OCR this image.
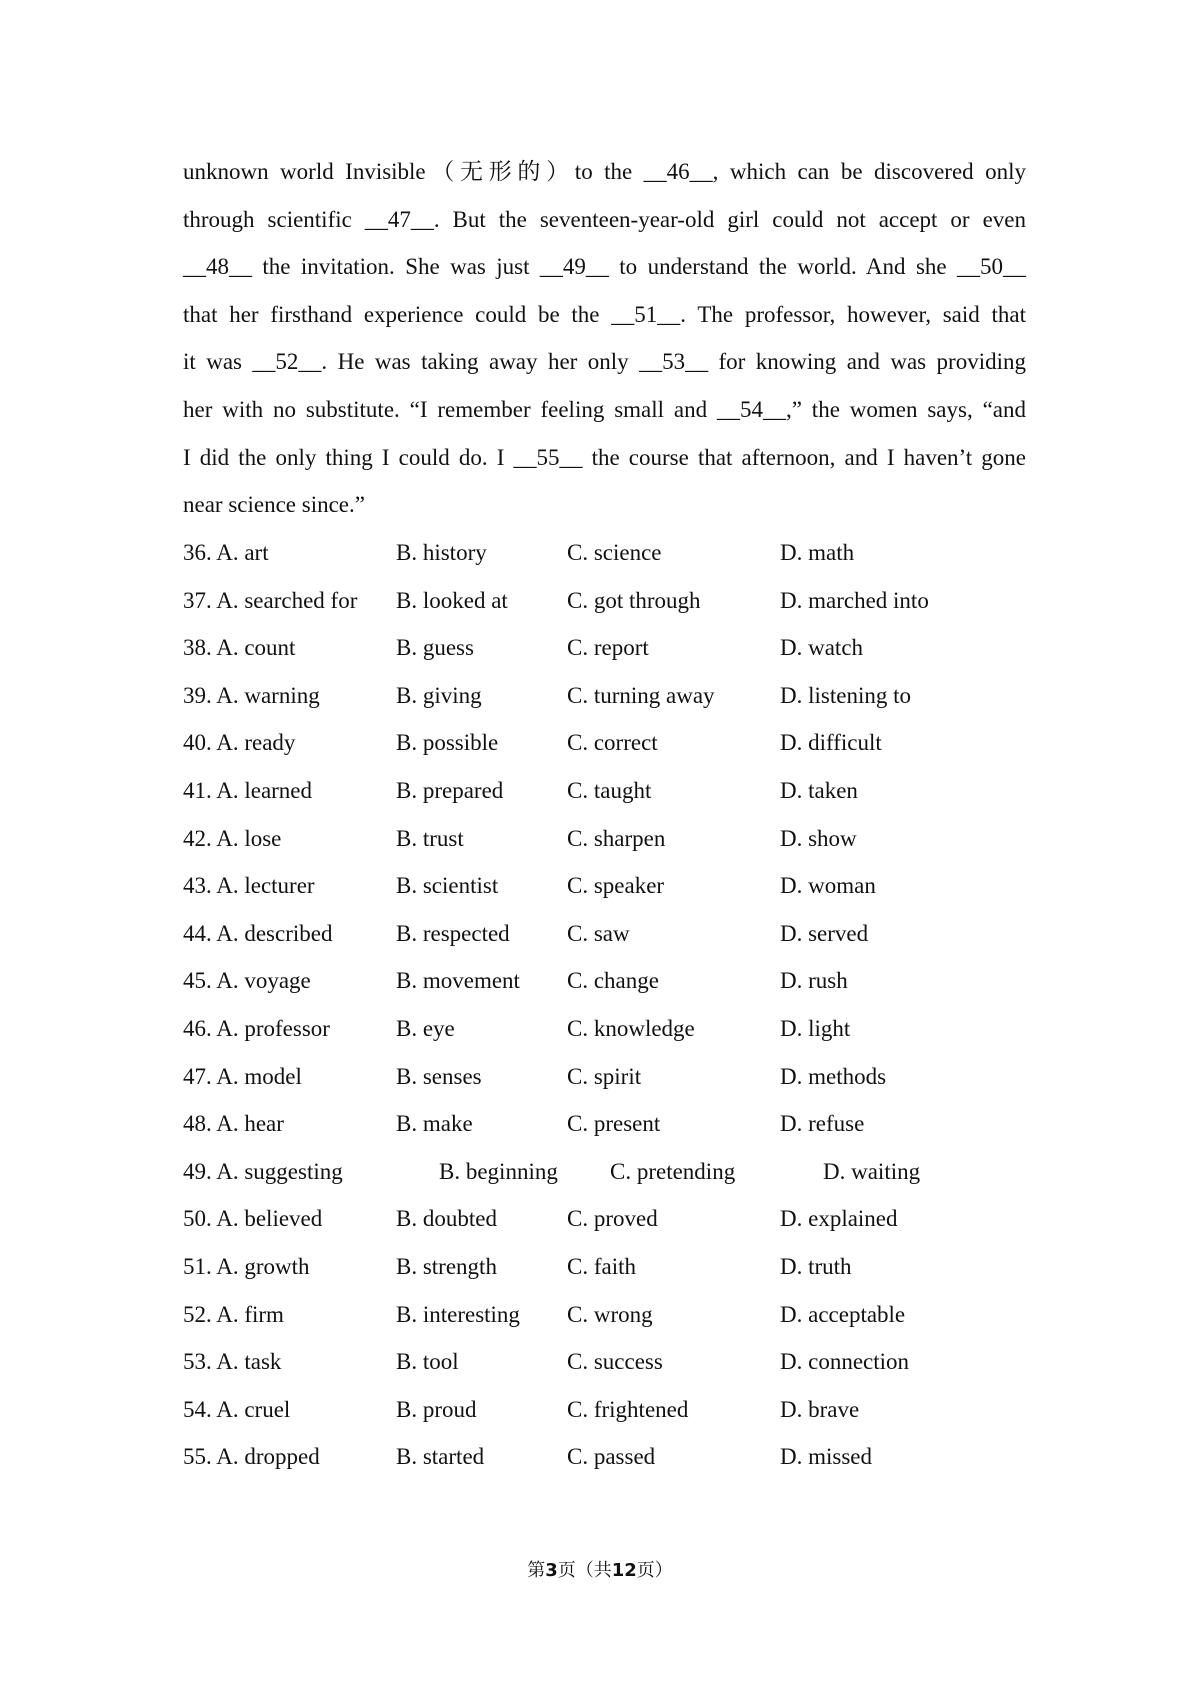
unknown world Invisible（无形的）to the __46__, which can be discovered only
through scientific __47__. But the seventeen-year-old girl could not accept or even
__48__ the invitation. She was just __49__ to understand the world. And she __50__
that her firsthand experience could be the __51__. The professor, however, said that
it was __52__. He was taking away her only __53__ for knowing and was providing
her with no substitute. “I remember feeling small and __54__,” the women says, “and
I did the only thing I could do. I __55__ the course that afternoon, and I haven’t gone
near science since.”
36. A. art	B. history	C. science	D. math
37. A. searched for B. looked at	C. got through	D. marched into
38. A. count	B. guess	C. report	D. watch
39. A. warning	B. giving	C. turning away	D. listening to
40. A. ready	B. possible	C. correct	D. difficult
41. A. learned	B. prepared	C. taught	D. taken
42. A. lose	B. trust	C. sharpen	D. show
43. A. lecturer	B. scientist	C. speaker	D. woman
44. A. described	B. respected C. saw	D. served
45. A. voyage	B. movement C. change	D. rush
46. A. professor	B. eye	C. knowledge	D. light
47. A. model	B. senses	C. spirit	D. methods
48. A. hear	B. make	C. present	D. refuse
49. A. suggesting	B. beginning C. pretending	D. waiting
50. A. believed	B. doubted	C. proved	D. explained
51. A. growth	B. strength	C. faith	D. truth
52. A. firm	B. interesting C. wrong	D. acceptable
53. A. task	B. tool	C. success	D. connection
54. A. cruel	B. proud	C. frightened	D. brave
55. A. dropped	B. started	C. passed	D. missed
第3页（共12页）
